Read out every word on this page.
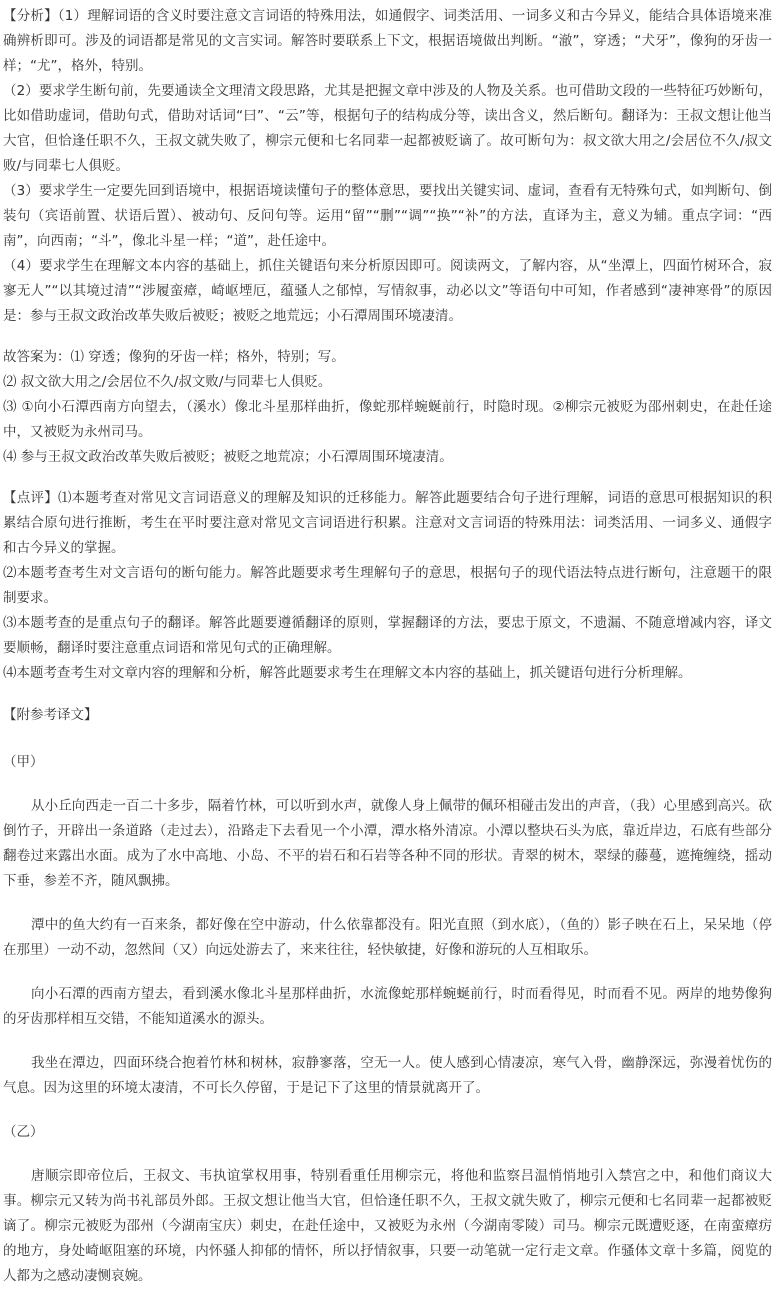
【分析】（1）理解词语的含义时要注意文言词语的特殊用法，如通假字、词类活用、一词多义和古今异义，能结合具体语境来准确辨析即可。涉及的词语都是常见的文言实词。解答时要联系上下文，根据语境做出判断。“澈”，穿透；“犬牙”，像狗的牙齿一样；“尤”，格外，特别。

（2）要求学生断句前，先要通读全文理清文段思路，尤其是把握文章中涉及的人物及关系。也可借助文段的一些特征巧妙断句，比如借助虚词，借助句式，借助对话词“曰”、“云”等，根据句子的结构成分等，读出含义，然后断句。翻译为：王叔文想让他当大官，但恰逢任职不久，王叔文就失败了，柳宗元便和七名同辈一起都被贬谪了。故可断句为：叔文欲大用之/会居位不久/叔文败/与同辈七人俱贬。

（3）要求学生一定要先回到语境中，根据语境读懂句子的整体意思，要找出关键实词、虚词，查看有无特殊句式，如判断句、倒装句（宾语前置、状语后置）、被动句、反问句等。运用“留”“删”“调”“换”“补”的方法，直译为主，意义为辅。重点字词：“西南”，向西南；“斗”，像北斗星一样；“道”，赴任途中。

（4）要求学生在理解文本内容的基础上，抓住关键语句来分析原因即可。阅读两文，了解内容，从“坐潭上，四面竹树环合，寂寥无人”“以其境过清”“涉履蛮瘴，崎岖堙厄，蕴骚人之郁悼，写情叙事，动必以文”等语句中可知，作者感到“凄神寒骨”的原因是：参与王叔文政治改革失败后被贬；被贬之地荒远；小石潭周围环境凄清。

故答案为：⑴ 穿透；像狗的牙齿一样；格外，特别；写。

⑵ 叔文欲大用之/会居位不久/叔文败/与同辈七人俱贬。

⑶ ①向小石潭西南方向望去，（溪水）像北斗星那样曲折，像蛇那样蜿蜒前行，时隐时现。②柳宗元被贬为邵州刺史，在赴任途中，又被贬为永州司马。

⑷ 参与王叔文政治改革失败后被贬；被贬之地荒凉；小石潭周围环境凄清。

【点评】⑴本题考查对常见文言词语意义的理解及知识的迁移能力。解答此题要结合句子进行理解，词语的意思可根据知识的积累结合原句进行推断，考生在平时要注意对常见文言词语进行积累。注意对文言词语的特殊用法：词类活用、一词多义、通假字和古今异义的掌握。

⑵本题考查考生对文言语句的断句能力。解答此题要求考生理解句子的意思，根据句子的现代语法特点进行断句，注意题干的限制要求。

⑶本题考查的是重点句子的翻译。解答此题要遵循翻译的原则，掌握翻译的方法，要忠于原文，不遗漏、不随意增减内容，译文要顺畅，翻译时要注意重点词语和常见句式的正确理解。

⑷本题考查考生对文章内容的理解和分析，解答此题要求考生在理解文本内容的基础上，抓关键语句进行分析理解。

【附参考译文】

（甲）

从小丘向西走一百二十多步，隔着竹林，可以听到水声，就像人身上佩带的佩环相碰击发出的声音，（我）心里感到高兴。砍倒竹子，开辟出一条道路（走过去），沿路走下去看见一个小潭，潭水格外清凉。小潭以整块石头为底，靠近岸边，石底有些部分翻卷过来露出水面。成为了水中高地、小岛、不平的岩石和石岩等各种不同的形状。青翠的树木，翠绿的藤蔓，遮掩缠绕，摇动下垂，参差不齐，随风飘拂。

潭中的鱼大约有一百来条，都好像在空中游动，什么依靠都没有。阳光直照（到水底），（鱼的）影子映在石上，呆呆地（停在那里）一动不动，忽然间（又）向远处游去了，来来往往，轻快敏捷，好像和游玩的人互相取乐。

向小石潭的西南方望去，看到溪水像北斗星那样曲折，水流像蛇那样蜿蜒前行，时而看得见，时而看不见。两岸的地势像狗的牙齿那样相互交错，不能知道溪水的源头。

我坐在潭边，四面环绕合抱着竹林和树林，寂静寥落，空无一人。使人感到心情凄凉，寒气入骨，幽静深远，弥漫着忧伤的气息。因为这里的环境太凄清，不可长久停留，于是记下了这里的情景就离开了。

（乙）

唐顺宗即帝位后，王叔文、韦执谊掌权用事，特别看重任用柳宗元，将他和监察吕温悄悄地引入禁宫之中，和他们商议大事。柳宗元又转为尚书礼部员外郎。王叔文想让他当大官，但恰逢任职不久，王叔文就失败了，柳宗元便和七名同辈一起都被贬谪了。柳宗元被贬为邵州（今湖南宝庆）刺史，在赴任途中，又被贬为永州（今湖南零陵）司马。柳宗元既遭贬逐，在南蛮瘴疠的地方，身处崎岖阻塞的环境，内怀骚人抑郁的情怀，所以抒情叙事，只要一动笔就一定行走文章。作骚体文章十多篇，阅览的人都为之感动凄恻哀婉。
